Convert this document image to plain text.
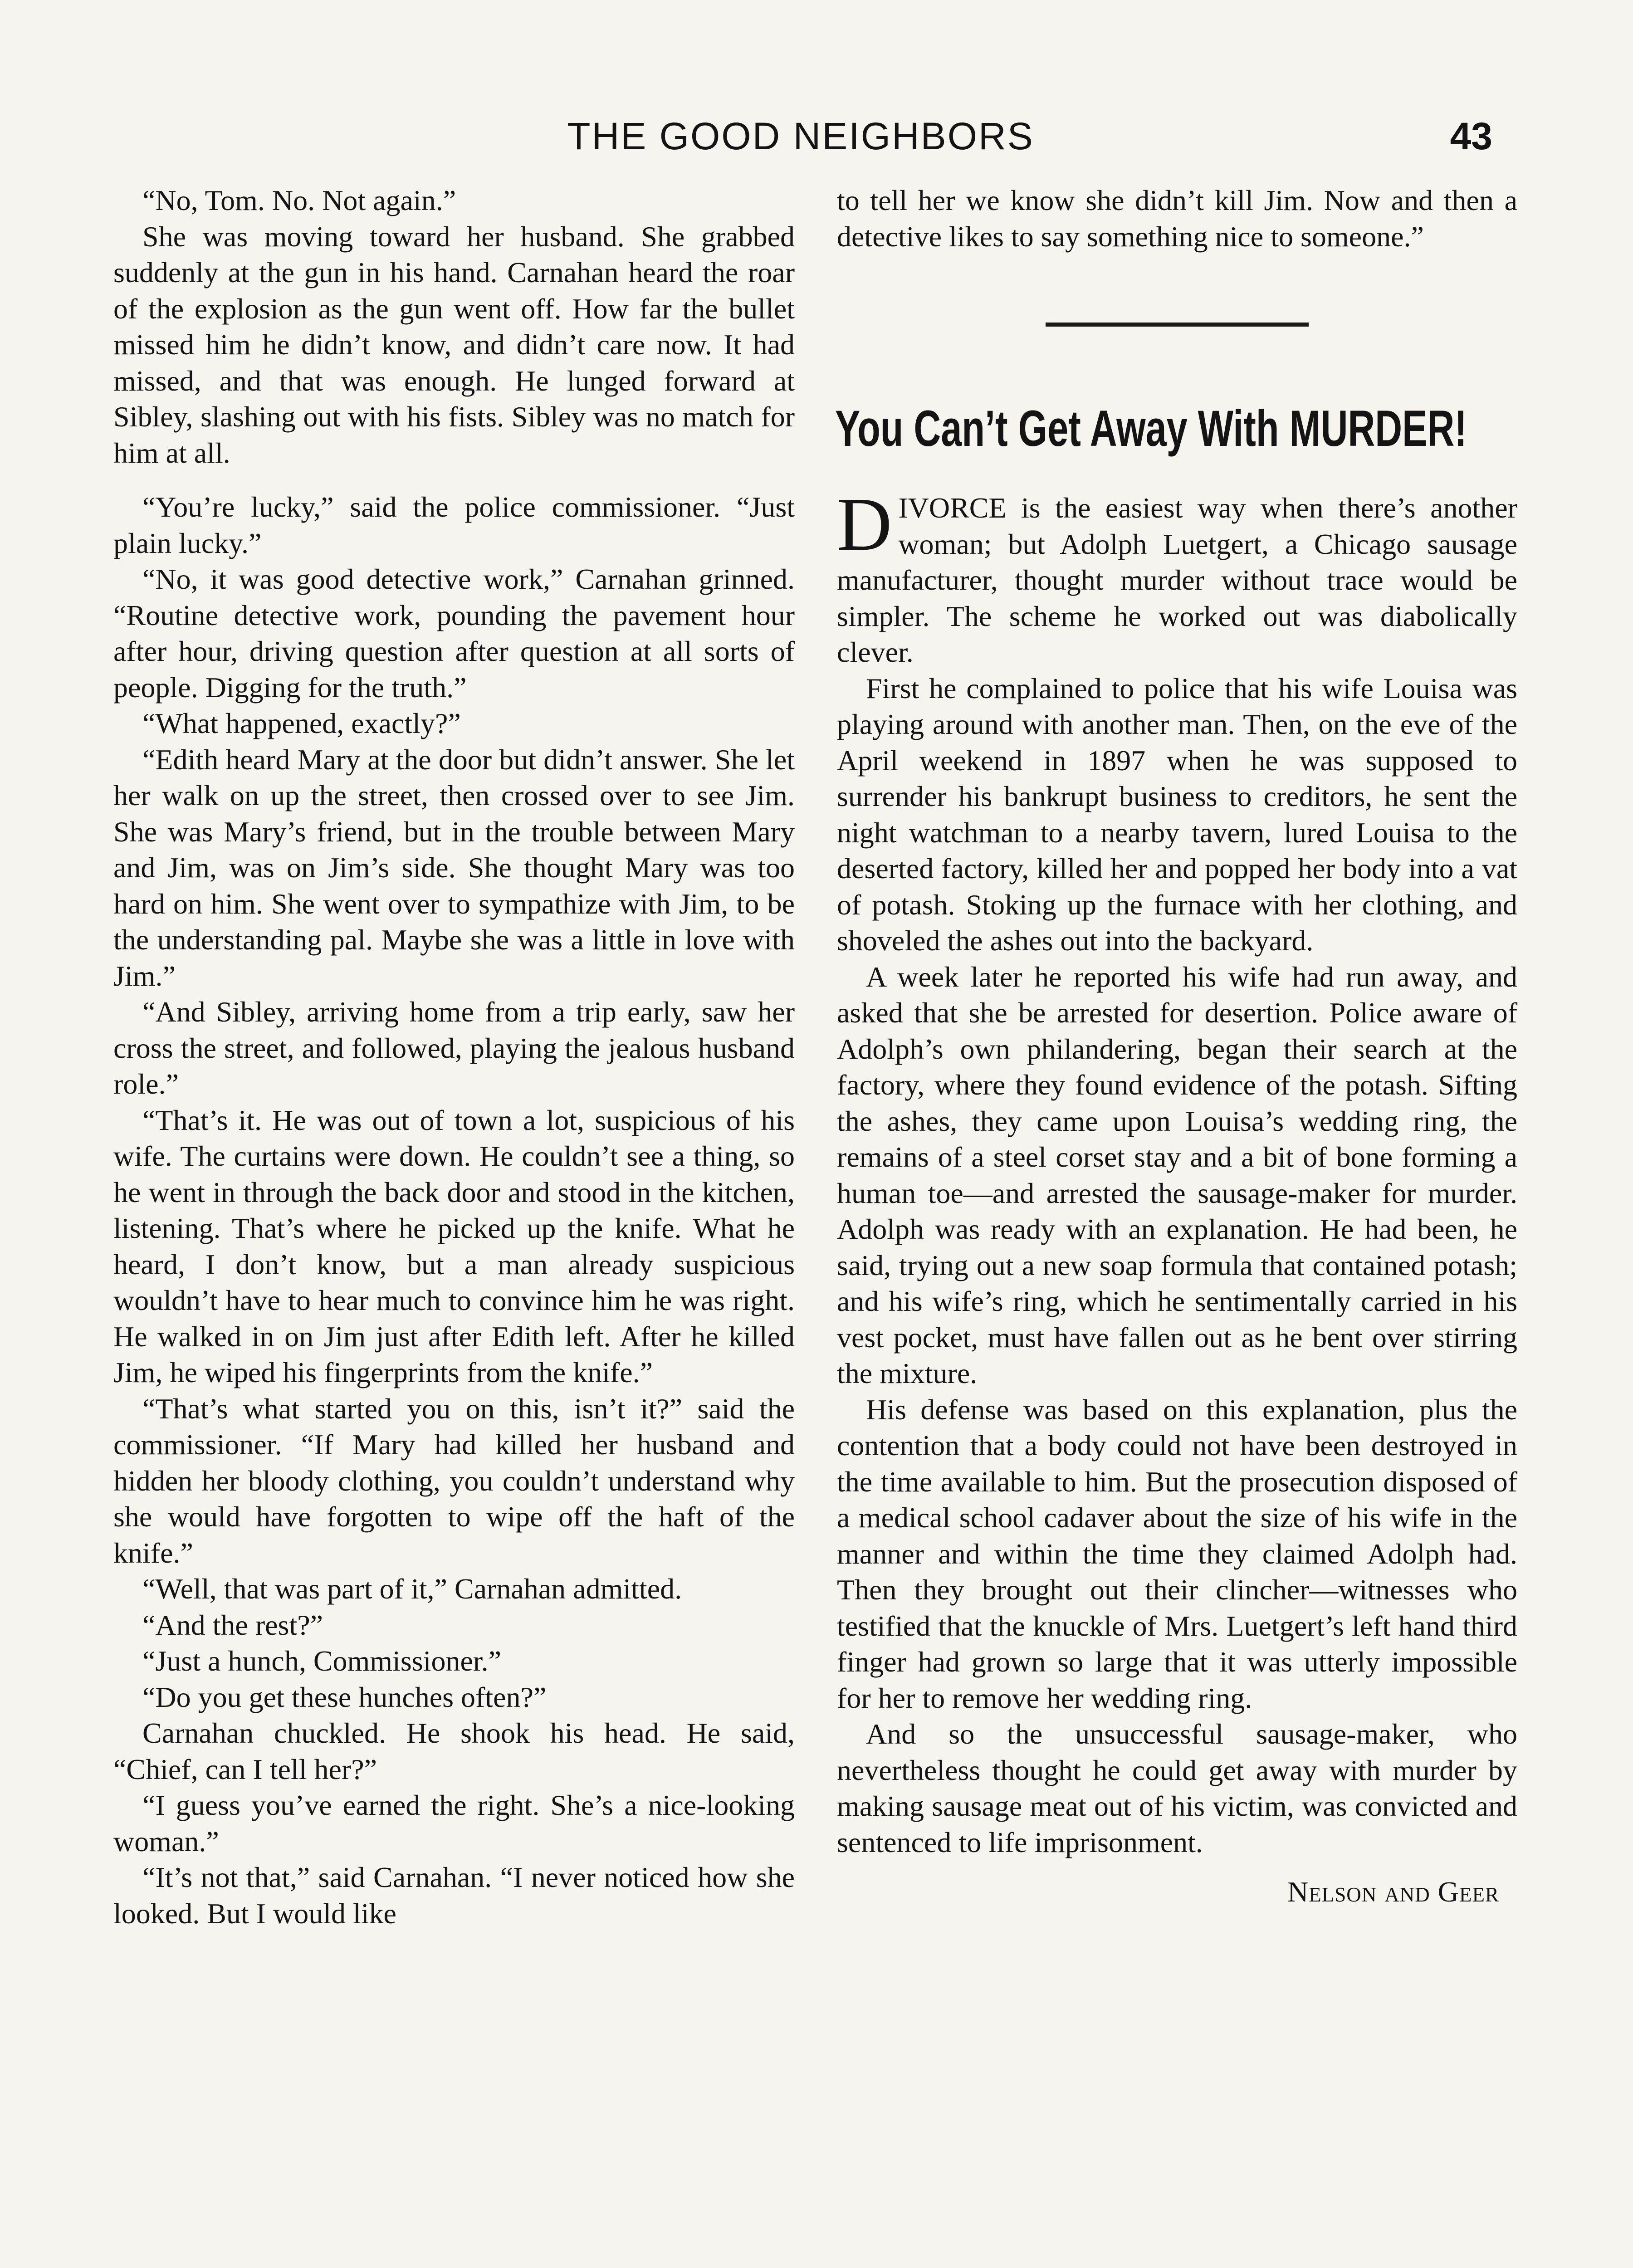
THE GOOD NEIGHBORS	43

“No, Tom. No. Not again.”

She was moving toward her husband. She grabbed suddenly at the gun in his hand. Carnahan heard the roar of the explosion as the gun went off. How far the bullet missed him he didn’t know, and didn’t care now. It had missed, and that was enough. He lunged forward at Sibley, slashing out with his fists. Sibley was no match for him at all.

“You’re lucky,” said the police commissioner. “Just plain lucky.”

“No, it was good detective work,” Carnahan grinned. “Routine detective work, pounding the pavement hour after hour, driving question after question at all sorts of people. Digging for the truth.”

“What happened, exactly?”

“Edith heard Mary at the door but didn’t answer. She let her walk on up the street, then crossed over to see Jim. She was Mary’s friend, but in the trouble between Mary and Jim, was on Jim’s side. She thought Mary was too hard on him. She went over to sympathize with Jim, to be the understanding pal. Maybe she was a little in love with Jim.”

“And Sibley, arriving home from a trip early, saw her cross the street, and followed, playing the jealous husband role.”

“That’s it. He was out of town a lot, suspicious of his wife. The curtains were down. He couldn’t see a thing, so he went in through the back door and stood in the kitchen, listening. That’s where he picked up the knife. What he heard, I don’t know, but a man already suspicious wouldn’t have to hear much to convince him he was right. He walked in on Jim just after Edith left. After he killed Jim, he wiped his fingerprints from the knife.”

“That’s what started you on this, isn’t it?” said the commissioner. “If Mary had killed her husband and hidden her bloody clothing, you couldn’t understand why she would have forgotten to wipe off the haft of the knife.”

“Well, that was part of it,” Carnahan admitted.

“And the rest?”

“Just a hunch, Commissioner.”

“Do you get these hunches often?”

Carnahan chuckled. He shook his head. He said, “Chief, can I tell her?”

“I guess you’ve earned the right. She’s a nice-looking woman.”

“It’s not that,” said Carnahan. “I never noticed how she looked. But I would like

to tell her we know she didn’t kill Jim. Now and then a detective likes to say something nice to someone.”

You Can’t Get Away With MURDER!

DIVORCE is the easiest way when there’s another woman; but Adolph Luetgert, a Chicago sausage manufacturer, thought murder without trace would be simpler. The scheme he worked out was diabolically clever.

First he complained to police that his wife Louisa was playing around with another man. Then, on the eve of the April weekend in 1897 when he was supposed to surrender his bankrupt business to creditors, he sent the night watchman to a nearby tavern, lured Louisa to the deserted factory, killed her and popped her body into a vat of potash. Stoking up the furnace with her clothing, and shoveled the ashes out into the backyard.

A week later he reported his wife had run away, and asked that she be arrested for desertion. Police aware of Adolph’s own philandering, began their search at the factory, where they found evidence of the potash. Sifting the ashes, they came upon Louisa’s wedding ring, the remains of a steel corset stay and a bit of bone forming a human toe—and arrested the sausage-maker for murder. Adolph was ready with an explanation. He had been, he said, trying out a new soap formula that contained potash; and his wife’s ring, which he sentimentally carried in his vest pocket, must have fallen out as he bent over stirring the mixture.

His defense was based on this explanation, plus the contention that a body could not have been destroyed in the time available to him. But the prosecution disposed of a medical school cadaver about the size of his wife in the manner and within the time they claimed Adolph had. Then they brought out their clincher—witnesses who testified that the knuckle of Mrs. Luetgert’s left hand third finger had grown so large that it was utterly impossible for her to remove her wedding ring.

And so the unsuccessful sausage-maker, who nevertheless thought he could get away with murder by making sausage meat out of his victim, was convicted and sentenced to life imprisonment.

Nelson and Geer
